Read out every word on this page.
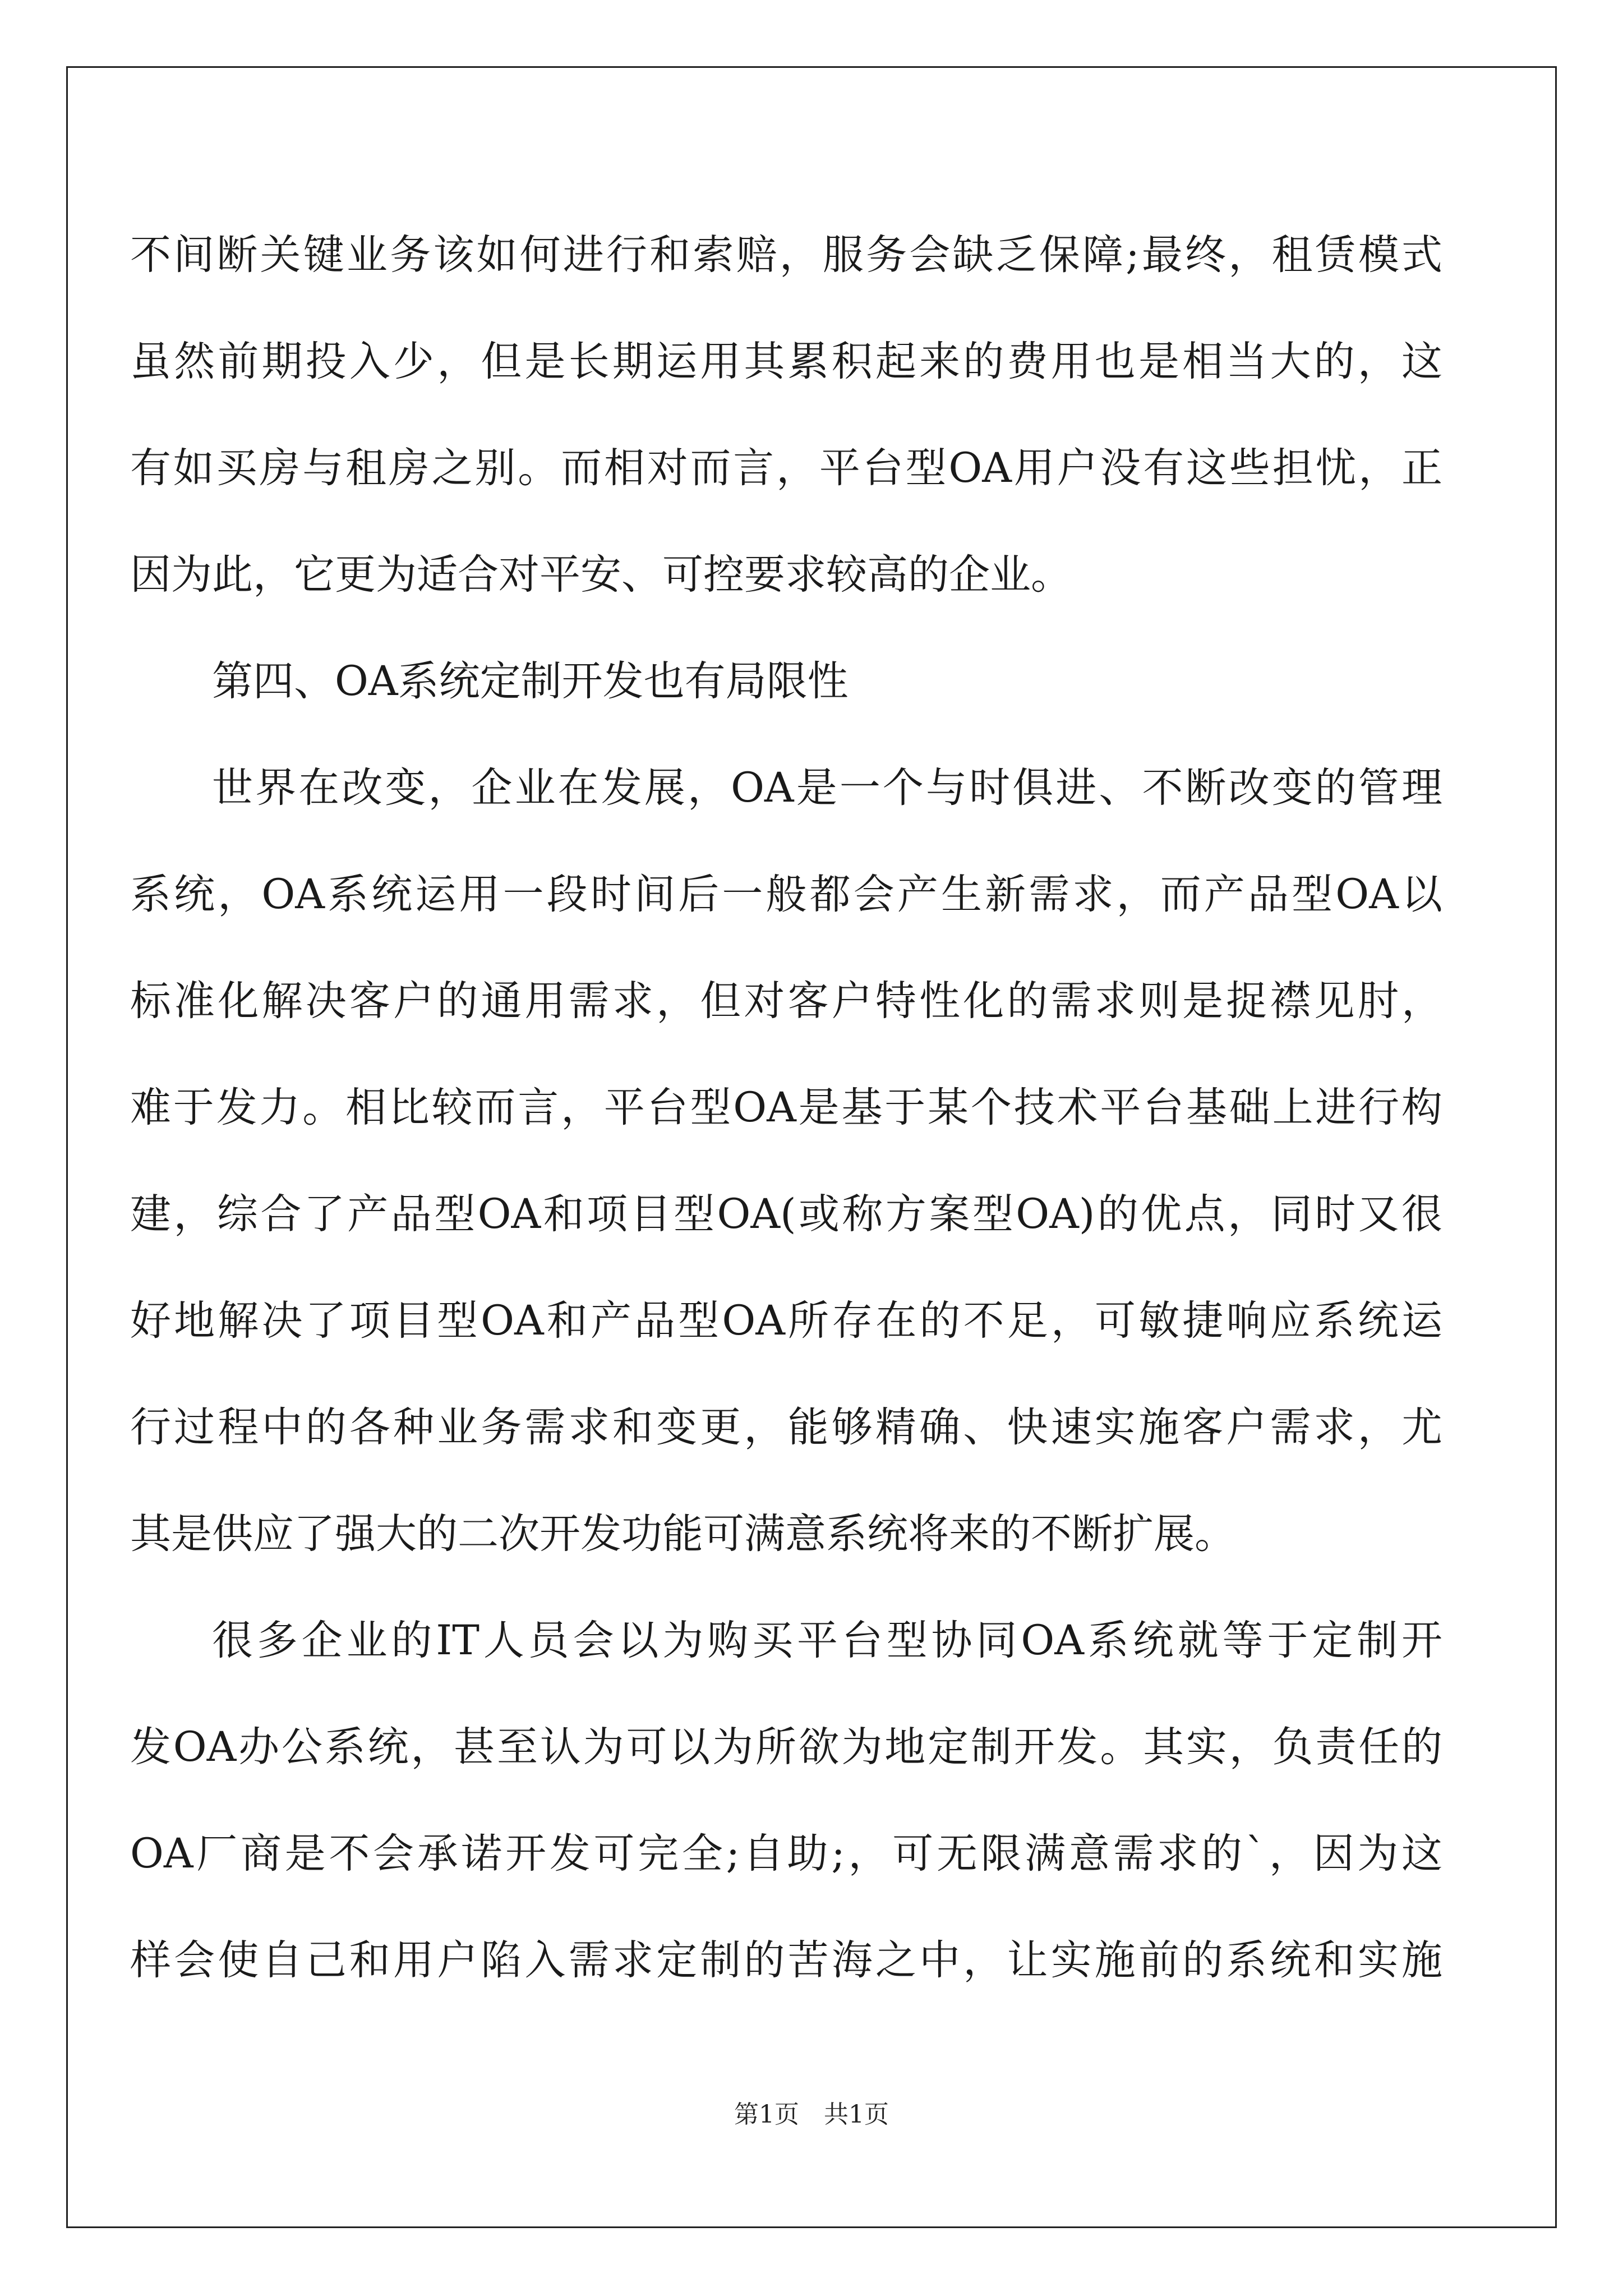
不间断关键业务该如何进行和索赔，服务会缺乏保障;最终，租赁模式
虽然前期投入少，但是长期运用其累积起来的费用也是相当大的，这
有如买房与租房之别。而相对而言，平台型OA用户没有这些担忧，正
因为此，它更为适合对平安、可控要求较高的企业。
第四、OA系统定制开发也有局限性
世界在改变，企业在发展，OA是一个与时俱进、不断改变的管理
系统，OA系统运用一段时间后一般都会产生新需求，而产品型OA以
标准化解决客户的通用需求，但对客户特性化的需求则是捉襟见肘，
难于发力。相比较而言，平台型OA是基于某个技术平台基础上进行构
建，综合了产品型OA和项目型OA(或称方案型OA)的优点，同时又很
好地解决了项目型OA和产品型OA所存在的不足，可敏捷响应系统运
行过程中的各种业务需求和变更，能够精确、快速实施客户需求，尤
其是供应了强大的二次开发功能可满意系统将来的不断扩展。
很多企业的IT人员会以为购买平台型协同OA系统就等于定制开
发OA办公系统，甚至认为可以为所欲为地定制开发。其实，负责任的
OA厂商是不会承诺开发可完全;自助;，可无限满意需求的`，因为这
样会使自己和用户陷入需求定制的苦海之中，让实施前的系统和实施
第1页　共1页
